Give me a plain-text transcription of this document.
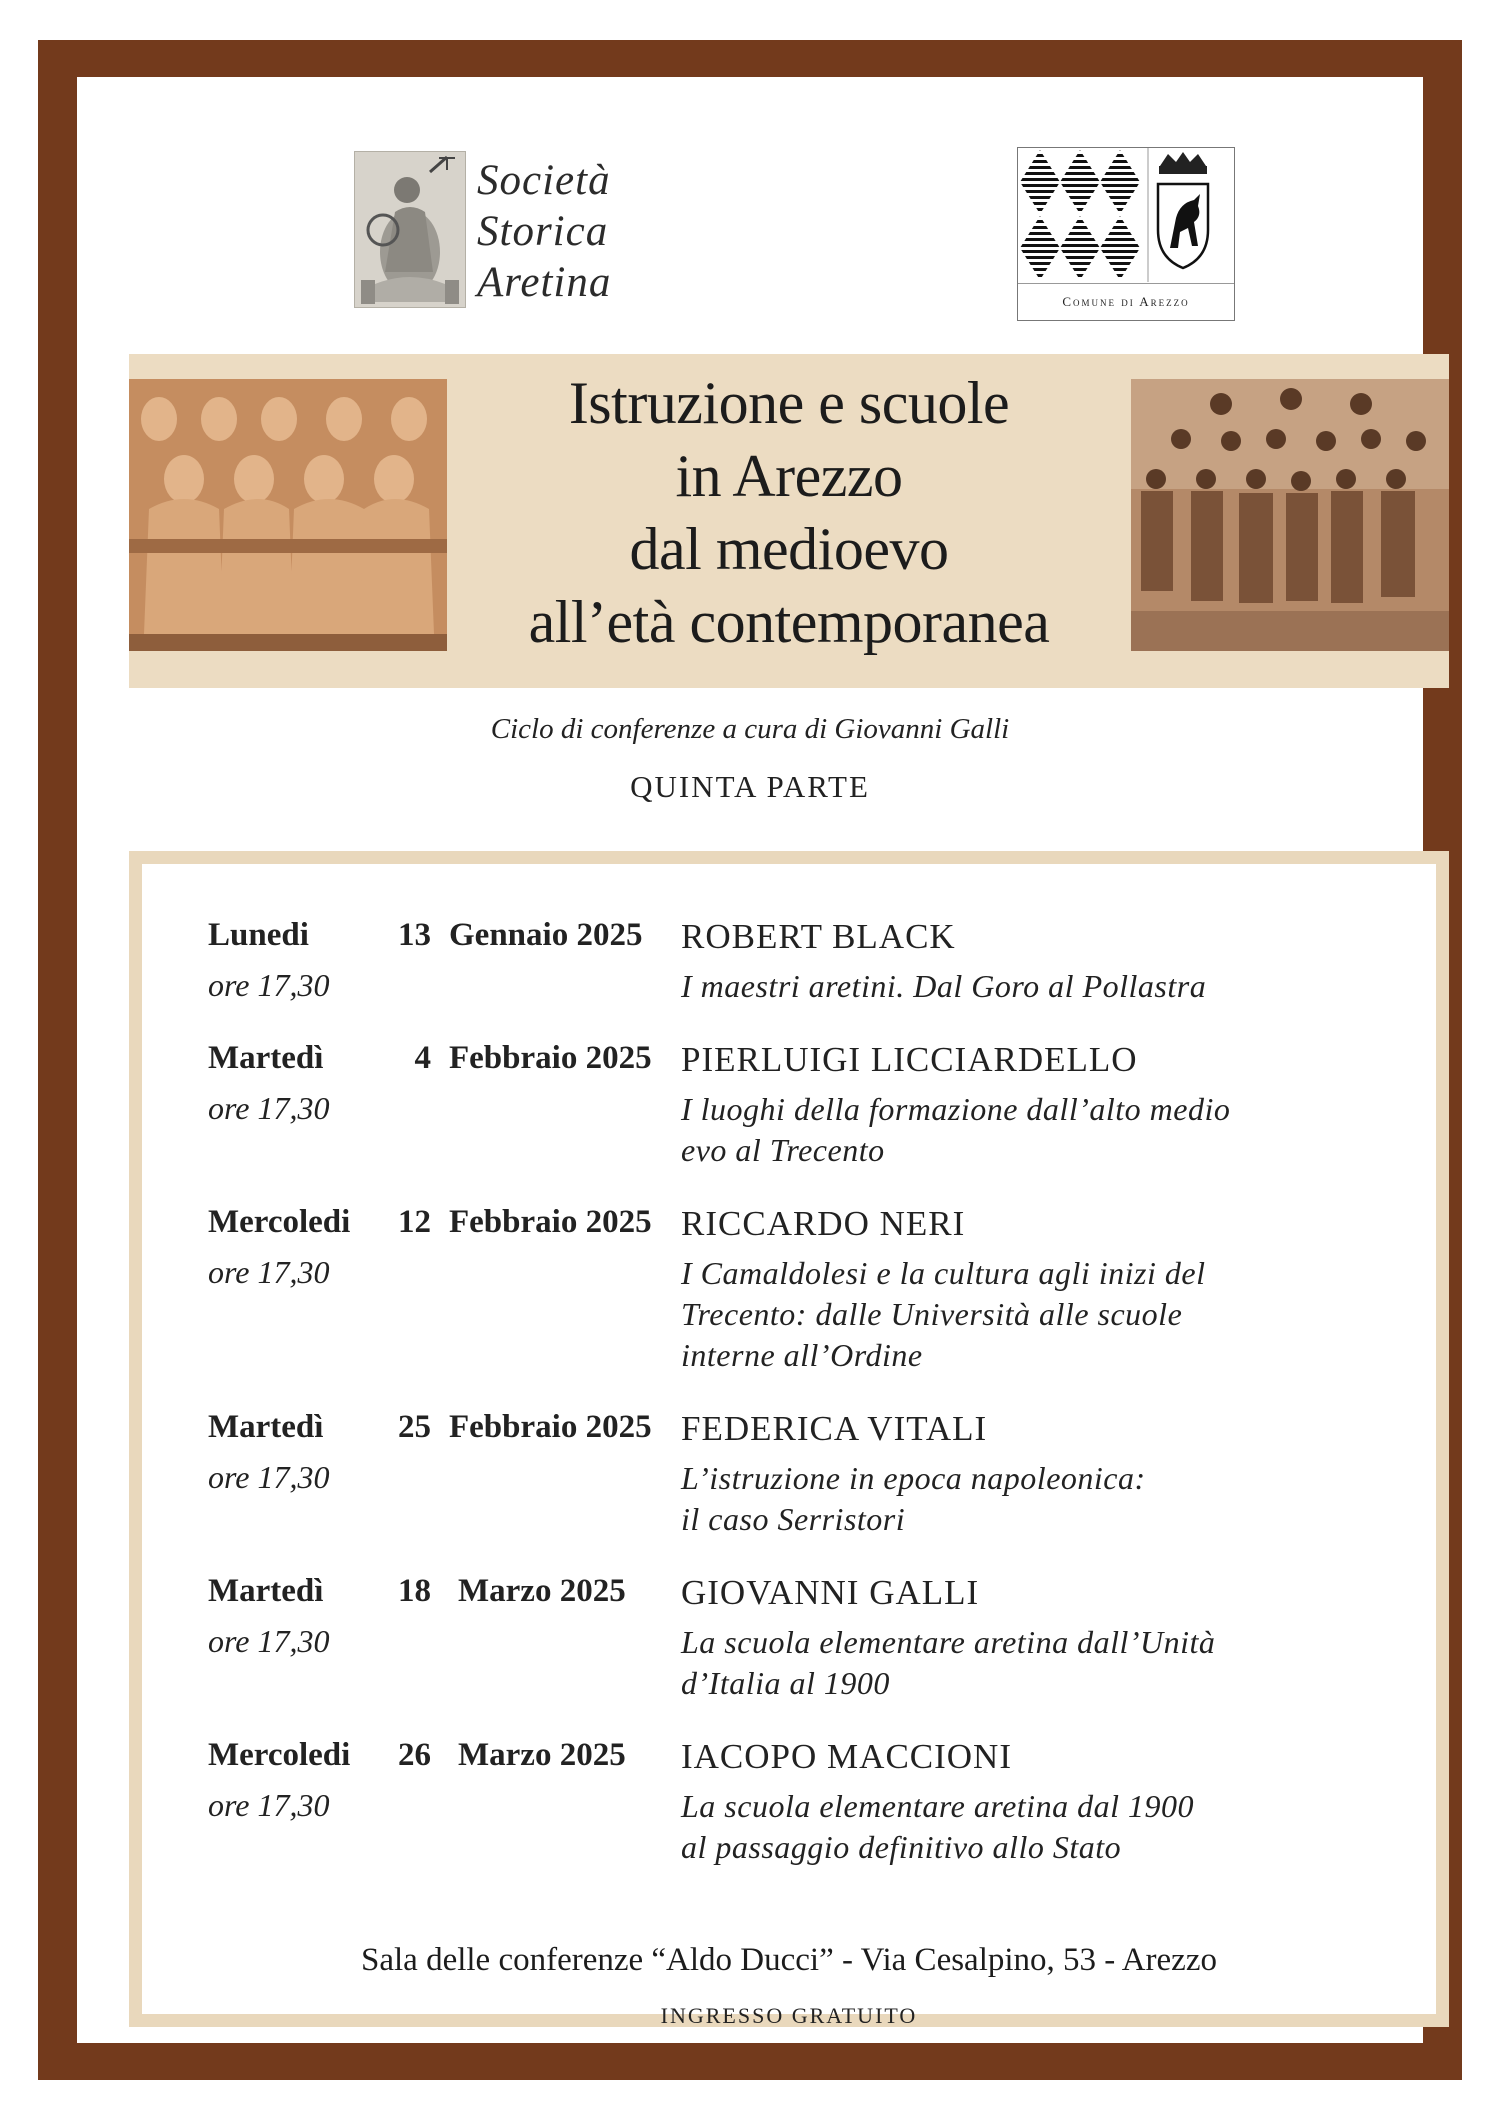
Società
Storica
Aretina	Comune di Arezzo
Istruzione e scuole
in Arezzo
dal medioevo
all’età contemporanea
Ciclo di conferenze a cura di Giovanni Galli
QUINTA PARTE
Lunedi	13 Gennaio 2025
ore 17,30
ROBERT BLACK
I maestri aretini. Dal Goro al Pollastra
Martedì	4 Febbraio 2025
ore 17,30
PIERLUIGI LICCIARDELLO
I luoghi della formazione dall’alto medio
evo al Trecento
Mercoledi	12 Febbraio 2025
ore 17,30
RICCARDO NERI
I Camaldolesi e la cultura agli inizi del
Trecento: dalle Università alle scuole
interne all’Ordine
Martedì	25 Febbraio 2025
ore 17,30
FEDERICA VITALI
L’istruzione in epoca napoleonica:
il caso Serristori
Martedì	18 Marzo 2025
ore 17,30
GIOVANNI GALLI
La scuola elementare aretina dall’Unità
d’Italia al 1900
Mercoledi	26 Marzo 2025
ore 17,30
IACOPO MACCIONI
La scuola elementare aretina dal 1900
al passaggio definitivo allo Stato
Sala delle conferenze “Aldo Ducci” - Via Cesalpino, 53 - Arezzo
INGRESSO GRATUITO
